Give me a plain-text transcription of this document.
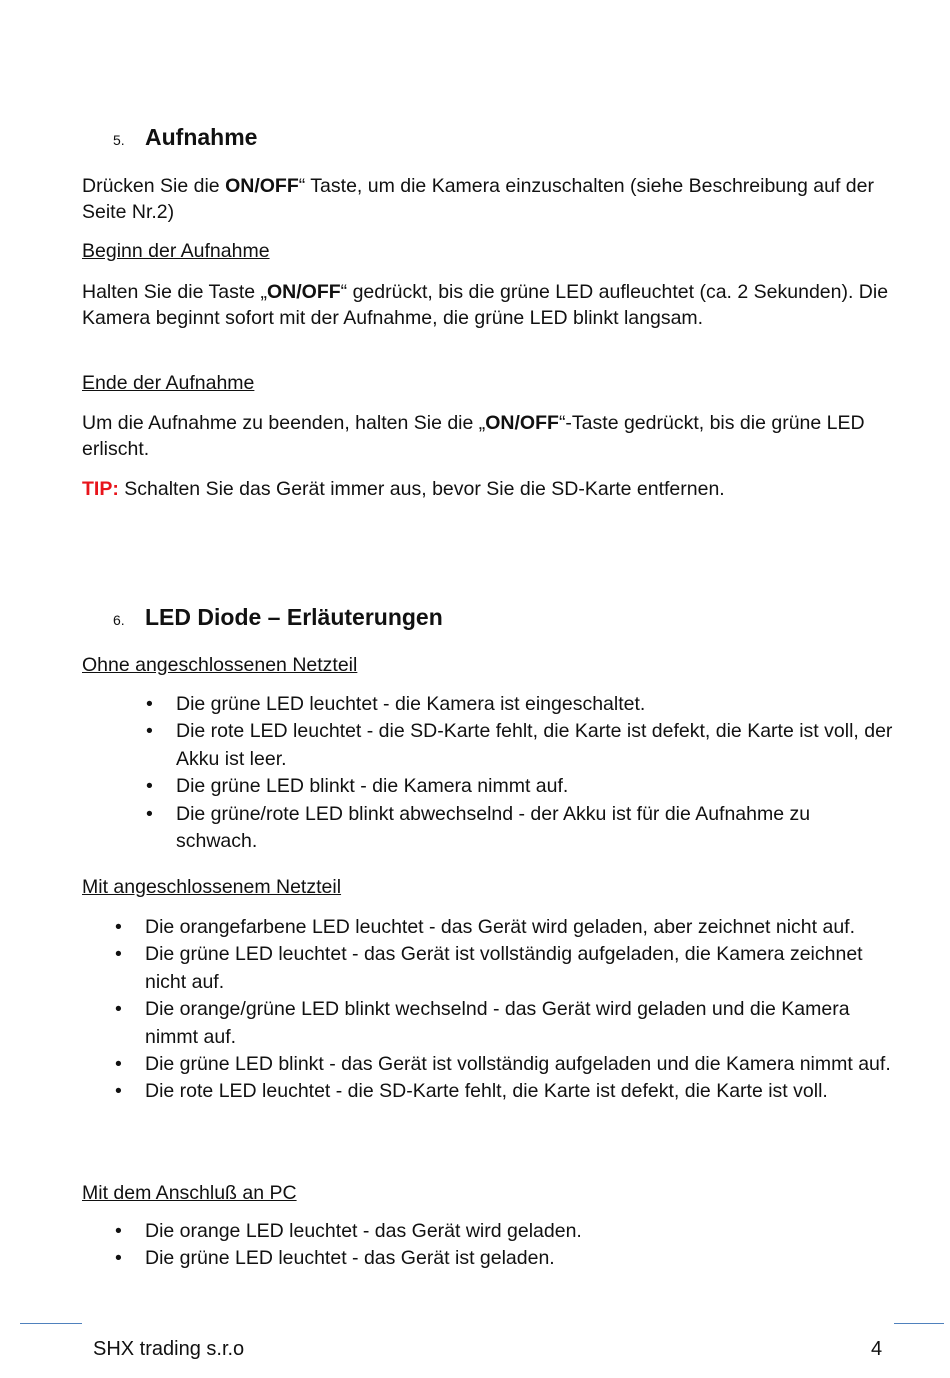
5. Aufnahme

Drücken Sie die ON/OFF“ Taste, um die Kamera einzuschalten (siehe Beschreibung auf der Seite Nr.2)

Beginn der Aufnahme

Halten Sie die Taste „ON/OFF“ gedrückt, bis die grüne LED aufleuchtet (ca. 2 Sekunden). Die Kamera beginnt sofort mit der Aufnahme, die grüne LED blinkt langsam.

Ende der Aufnahme

Um die Aufnahme zu beenden, halten Sie die „ON/OFF“-Taste gedrückt, bis die grüne LED erlischt.

TIP: Schalten Sie das Gerät immer aus, bevor Sie die SD-Karte entfernen.

6. LED Diode – Erläuterungen

Ohne angeschlossenen Netzteil

• Die grüne LED leuchtet - die Kamera ist eingeschaltet.
• Die rote LED leuchtet - die SD-Karte fehlt, die Karte ist defekt, die Karte ist voll, der Akku ist leer.
• Die grüne LED blinkt - die Kamera nimmt auf.
• Die grüne/rote LED blinkt abwechselnd - der Akku ist für die Aufnahme zu schwach.

Mit angeschlossenem Netzteil

• Die orangefarbene LED leuchtet - das Gerät wird geladen, aber zeichnet nicht auf.
• Die grüne LED leuchtet - das Gerät ist vollständig aufgeladen, die Kamera zeichnet nicht auf.
• Die orange/grüne LED blinkt wechselnd - das Gerät wird geladen und die Kamera nimmt auf.
• Die grüne LED blinkt - das Gerät ist vollständig aufgeladen und die Kamera nimmt auf.
• Die rote LED leuchtet - die SD-Karte fehlt, die Karte ist defekt, die Karte ist voll.

Mit dem Anschluß an PC

• Die orange LED leuchtet - das Gerät wird geladen.
• Die grüne LED leuchtet - das Gerät ist geladen.
SHX trading s.r.o	4
